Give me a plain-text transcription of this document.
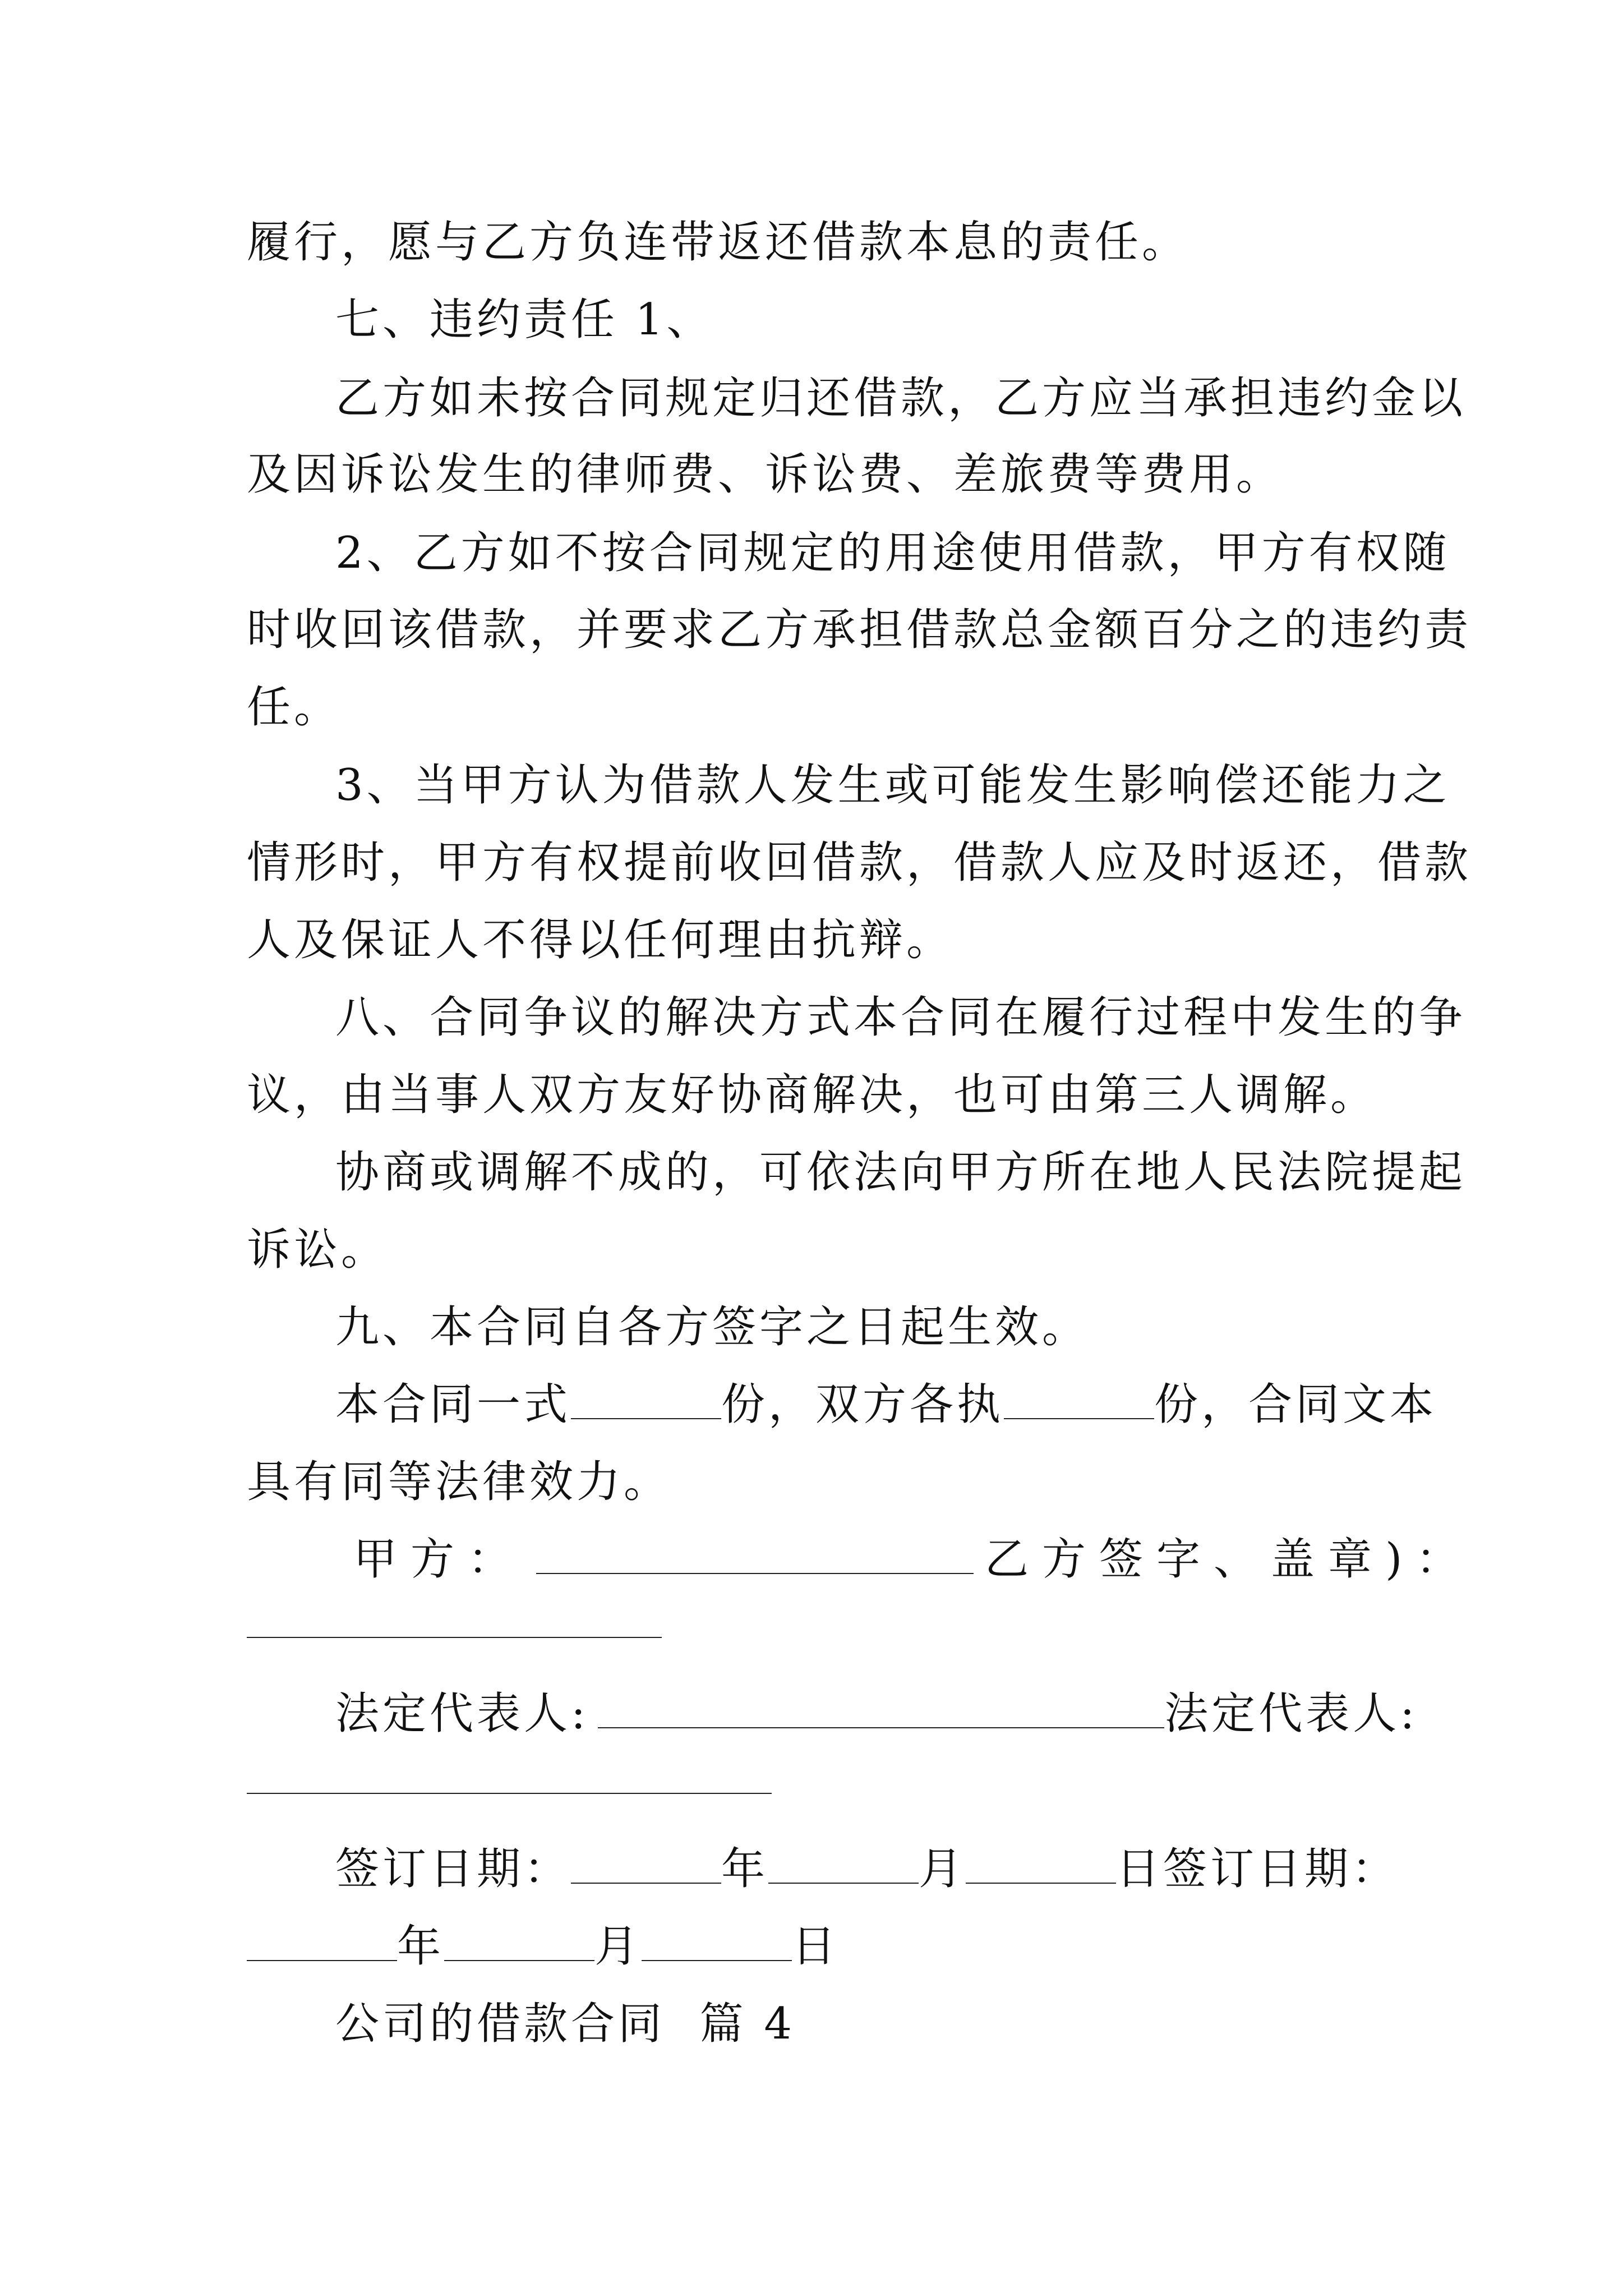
履行，愿与乙方负连带返还借款本息的责任。
七、违约责任 1、
乙方如未按合同规定归还借款，乙方应当承担违约金以
及因诉讼发生的律师费、诉讼费、差旅费等费用。
2、乙方如不按合同规定的用途使用借款，甲方有权随
时收回该借款，并要求乙方承担借款总金额百分之的违约责
任。
3、当甲方认为借款人发生或可能发生影响偿还能力之
情形时，甲方有权提前收回借款，借款人应及时返还，借款
人及保证人不得以任何理由抗辩。
八、合同争议的解决方式本合同在履行过程中发生的争
议，由当事人双方友好协商解决，也可由第三人调解。
协商或调解不成的，可依法向甲方所在地人民法院提起
诉讼。
九、本合同自各方签字之日起生效。
本合同一式	份，双方各执	份，合同文本
具有同等法律效力。
甲方：	乙方签字、盖章)：
法定代表人:	法定代表人:
签订日期：	年	月	日签订日期：
年	月	日
公司的借款合同  篇 4
